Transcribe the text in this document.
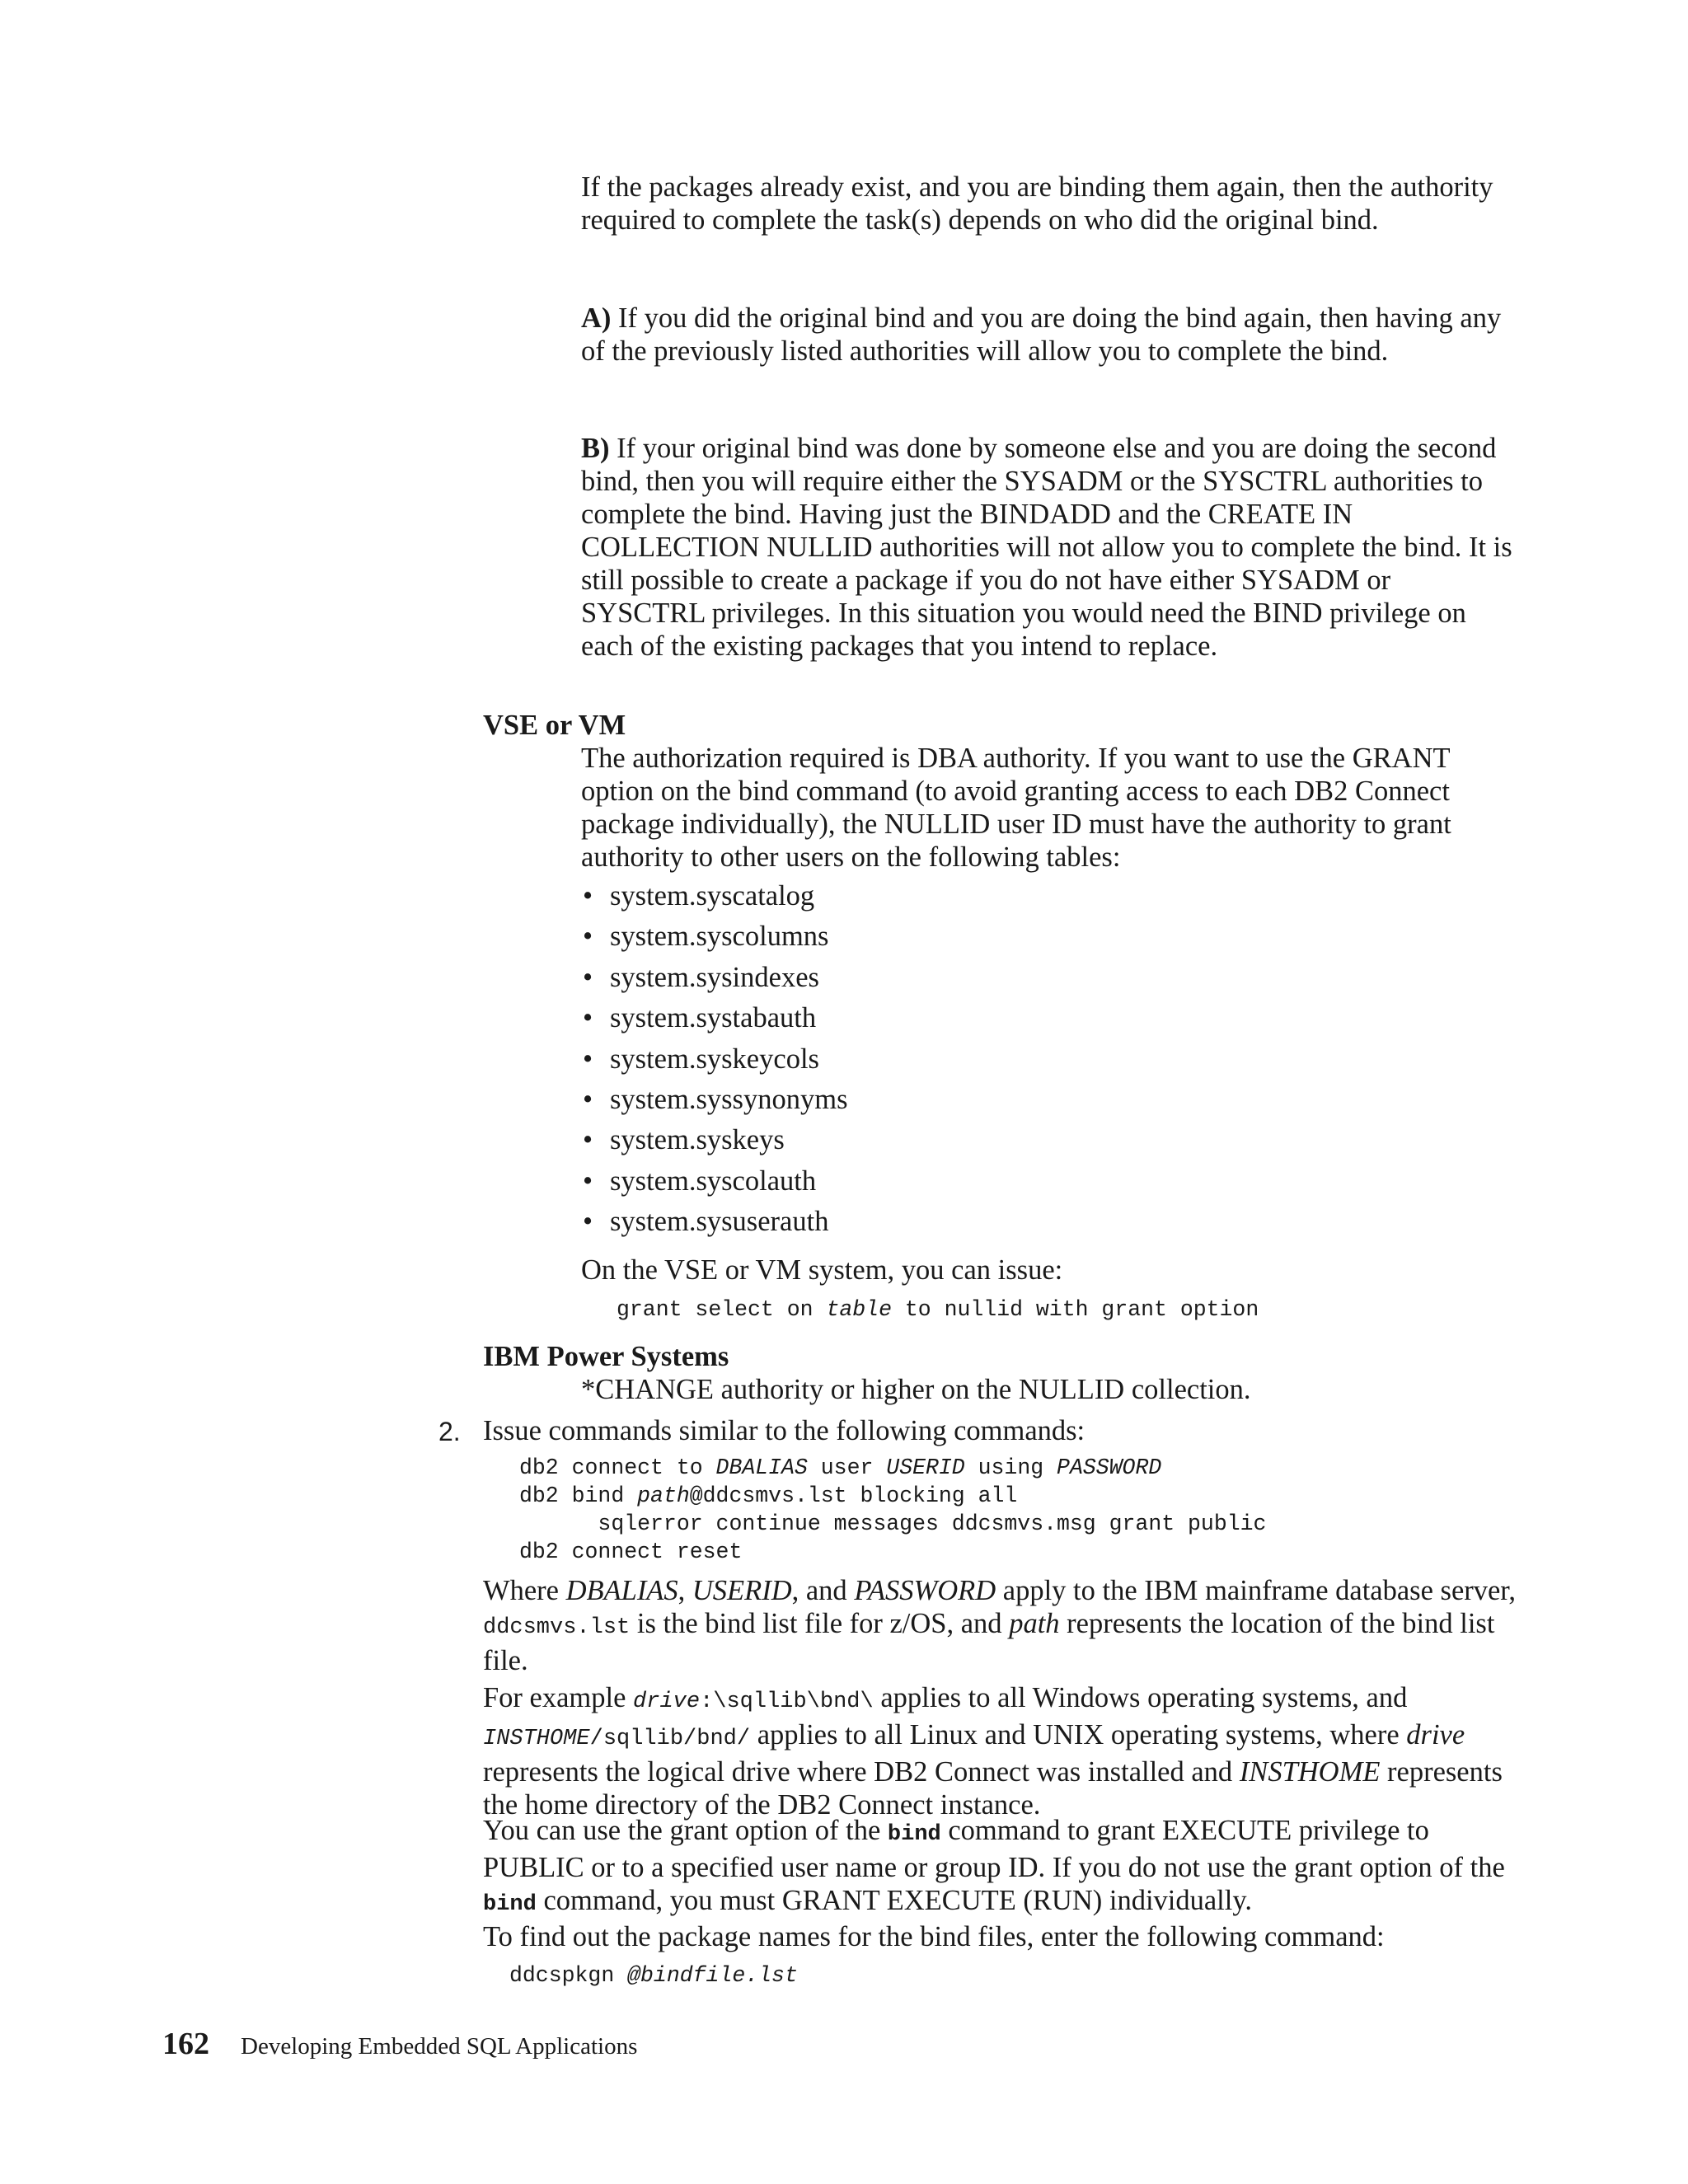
If the packages already exist, and you are binding them again, then the authority required to complete the task(s) depends on who did the original bind.

A) If you did the original bind and you are doing the bind again, then having any of the previously listed authorities will allow you to complete the bind.

B) If your original bind was done by someone else and you are doing the second bind, then you will require either the SYSADM or the SYSCTRL authorities to complete the bind. Having just the BINDADD and the CREATE IN COLLECTION NULLID authorities will not allow you to complete the bind. It is still possible to create a package if you do not have either SYSADM or SYSCTRL privileges. In this situation you would need the BIND privilege on each of the existing packages that you intend to replace.

VSE or VM

The authorization required is DBA authority. If you want to use the GRANT option on the bind command (to avoid granting access to each DB2 Connect package individually), the NULLID user ID must have the authority to grant authority to other users on the following tables:

• system.syscatalog
• system.syscolumns
• system.sysindexes
• system.systabauth
• system.syskeycols
• system.syssynonyms
• system.syskeys
• system.syscolauth
• system.sysuserauth

On the VSE or VM system, you can issue:

grant select on table to nullid with grant option
IBM Power Systems

*CHANGE authority or higher on the NULLID collection.

2. Issue commands similar to the following commands:

db2 connect to DBALIAS user USERID using PASSWORD
db2 bind path@ddcsmvs.lst blocking all
sqlerror continue messages ddcsmvs.msg grant public
db2 connect reset

Where DBALIAS, USERID, and PASSWORD apply to the IBM mainframe database server, ddcsmvs.lst is the bind list file for z/OS, and path represents the location of the bind list file.

For example drive:\sqllib\bnd\ applies to all Windows operating systems, and INSTHOME/sqllib/bnd/ applies to all Linux and UNIX operating systems, where drive represents the logical drive where DB2 Connect was installed and INSTHOME represents the home directory of the DB2 Connect instance.

You can use the grant option of the bind command to grant EXECUTE privilege to PUBLIC or to a specified user name or group ID. If you do not use the grant option of the bind command, you must GRANT EXECUTE (RUN) individually.

To find out the package names for the bind files, enter the following command:

ddcspkgn @bindfile.lst
162 Developing Embedded SQL Applications
